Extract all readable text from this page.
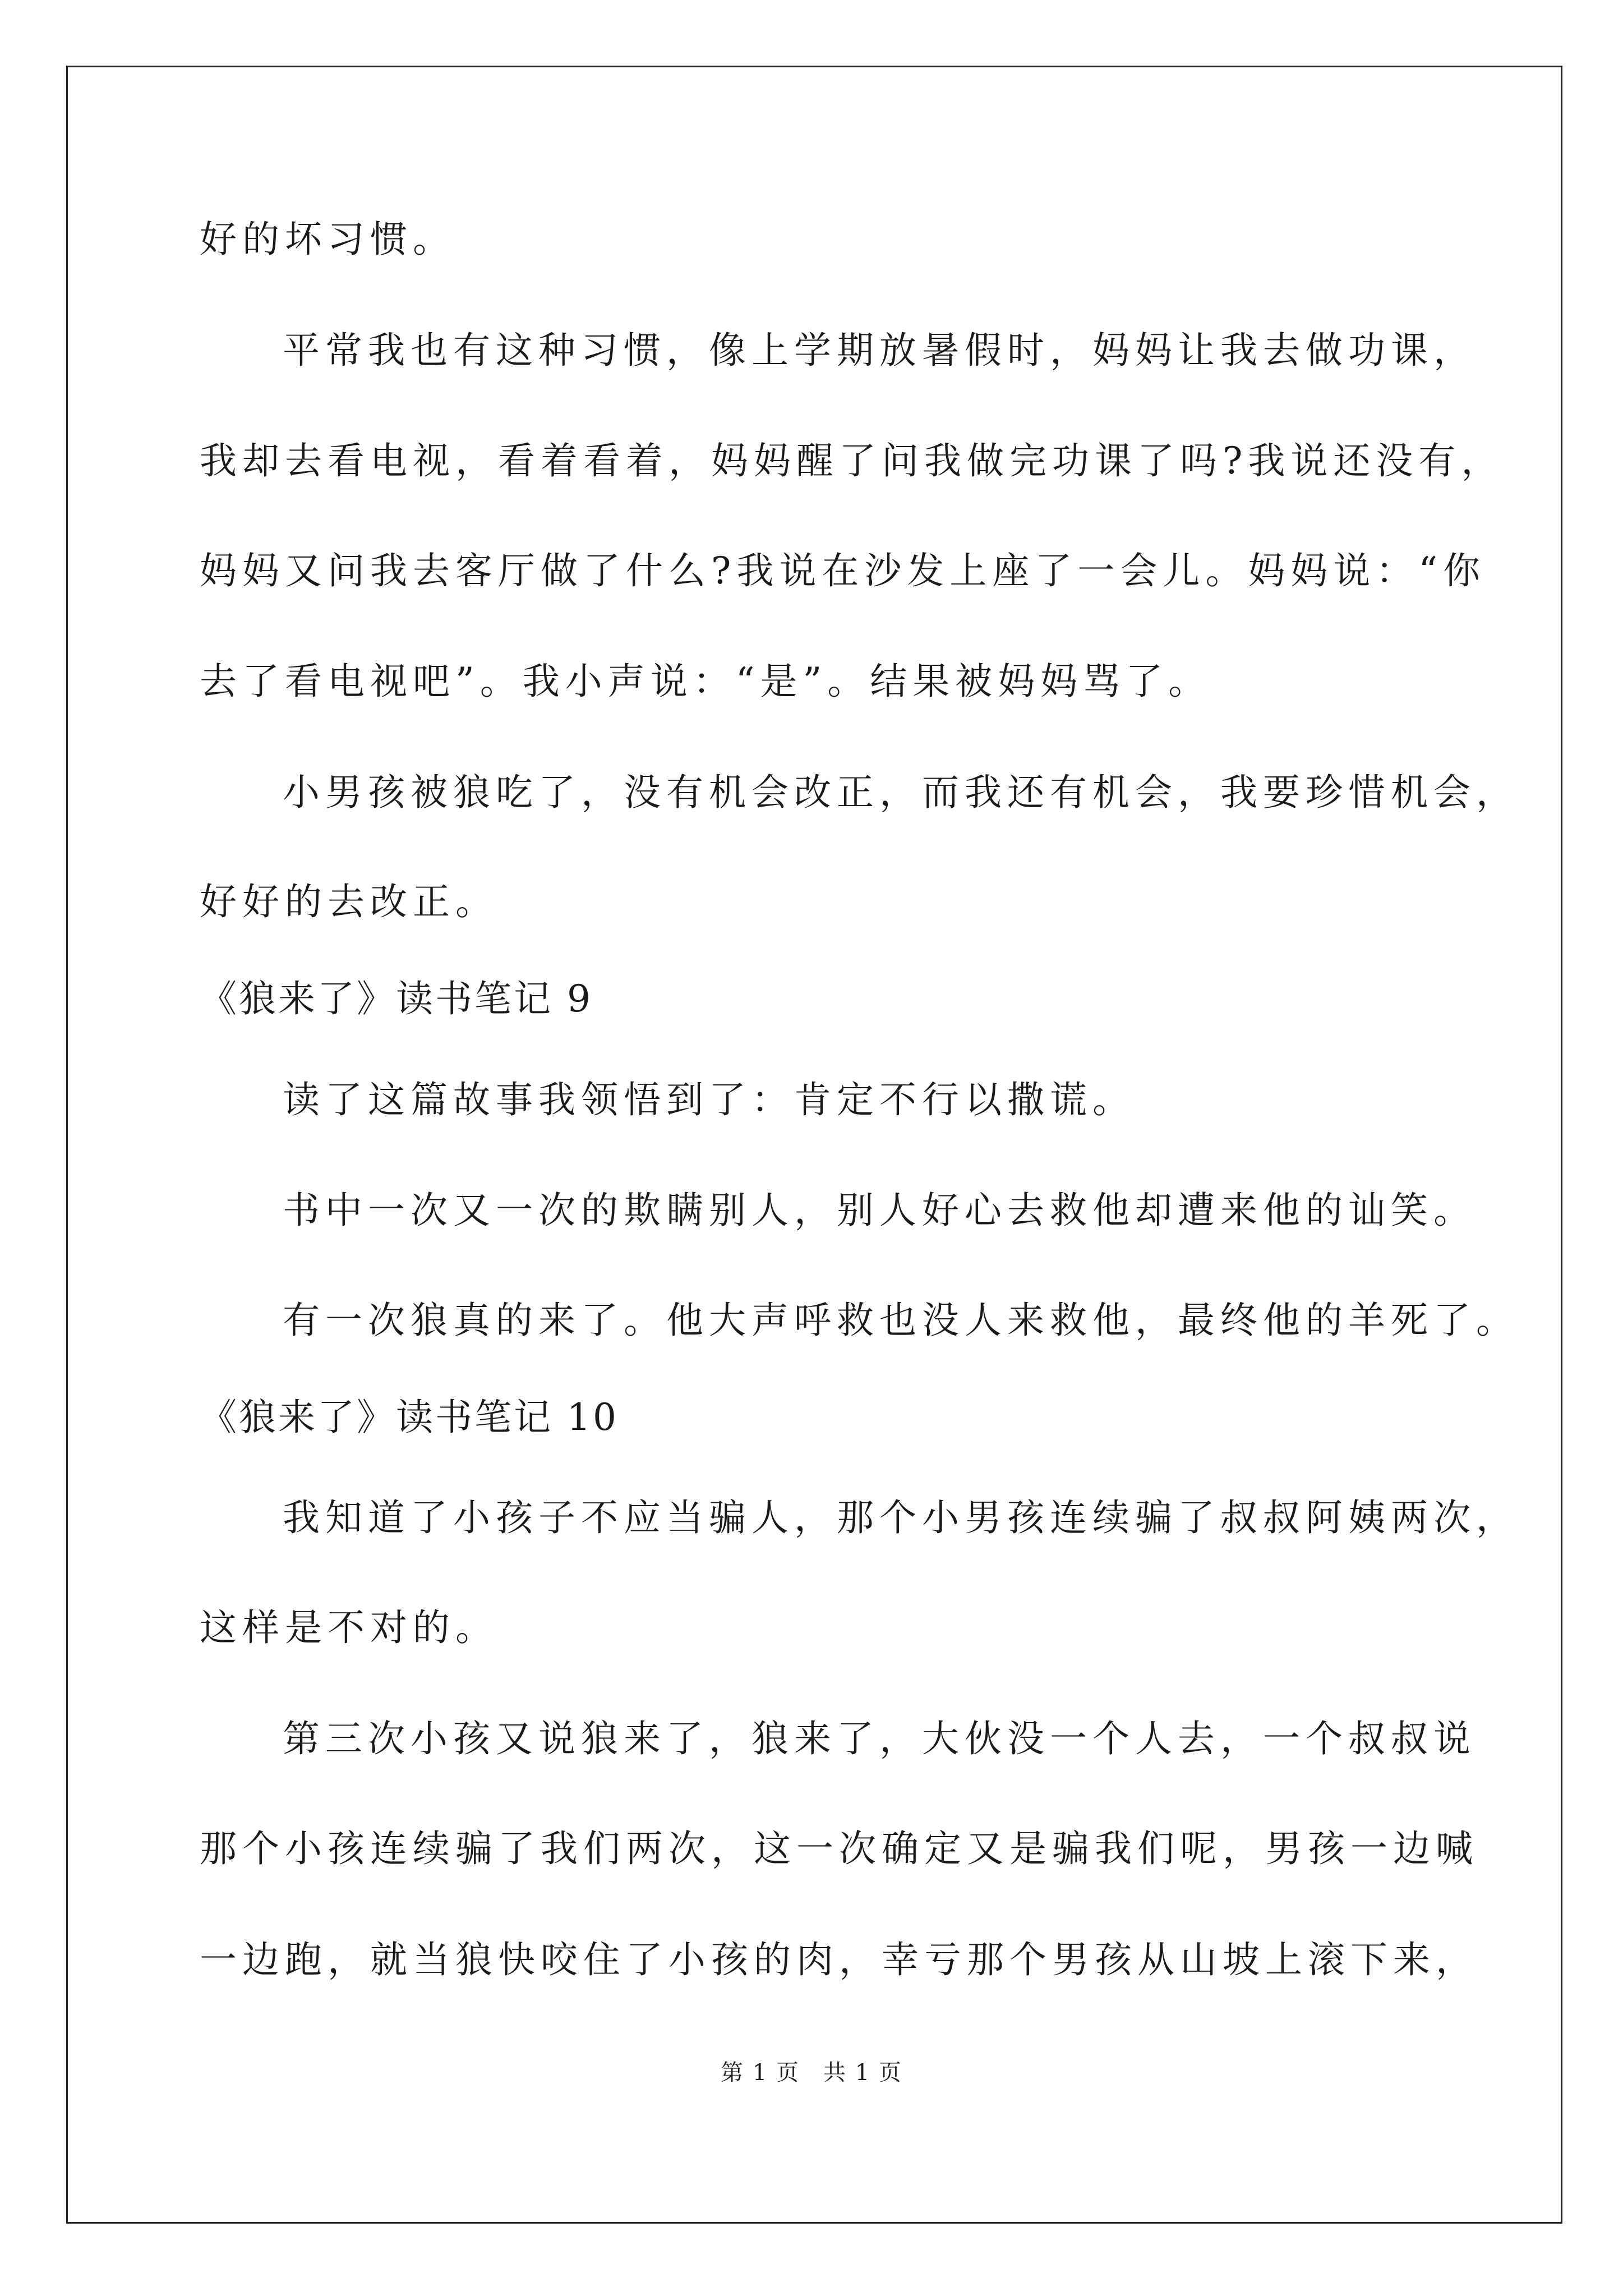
好的坏习惯。
平常我也有这种习惯，像上学期放暑假时，妈妈让我去做功课，
我却去看电视，看着看着，妈妈醒了问我做完功课了吗?我说还没有，
妈妈又问我去客厅做了什么?我说在沙发上座了一会儿。妈妈说：“你
去了看电视吧”。我小声说：“是”。结果被妈妈骂了。
小男孩被狼吃了，没有机会改正，而我还有机会，我要珍惜机会，
好好的去改正。
《狼来了》读书笔记 9
读了这篇故事我领悟到了：肯定不行以撒谎。
书中一次又一次的欺瞒别人，别人好心去救他却遭来他的讪笑。
有一次狼真的来了。他大声呼救也没人来救他，最终他的羊死了。
《狼来了》读书笔记 10
我知道了小孩子不应当骗人，那个小男孩连续骗了叔叔阿姨两次，
这样是不对的。
第三次小孩又说狼来了，狼来了，大伙没一个人去，一个叔叔说
那个小孩连续骗了我们两次，这一次确定又是骗我们呢，男孩一边喊
一边跑，就当狼快咬住了小孩的肉，幸亏那个男孩从山坡上滚下来，
第 1 页　共 1 页
